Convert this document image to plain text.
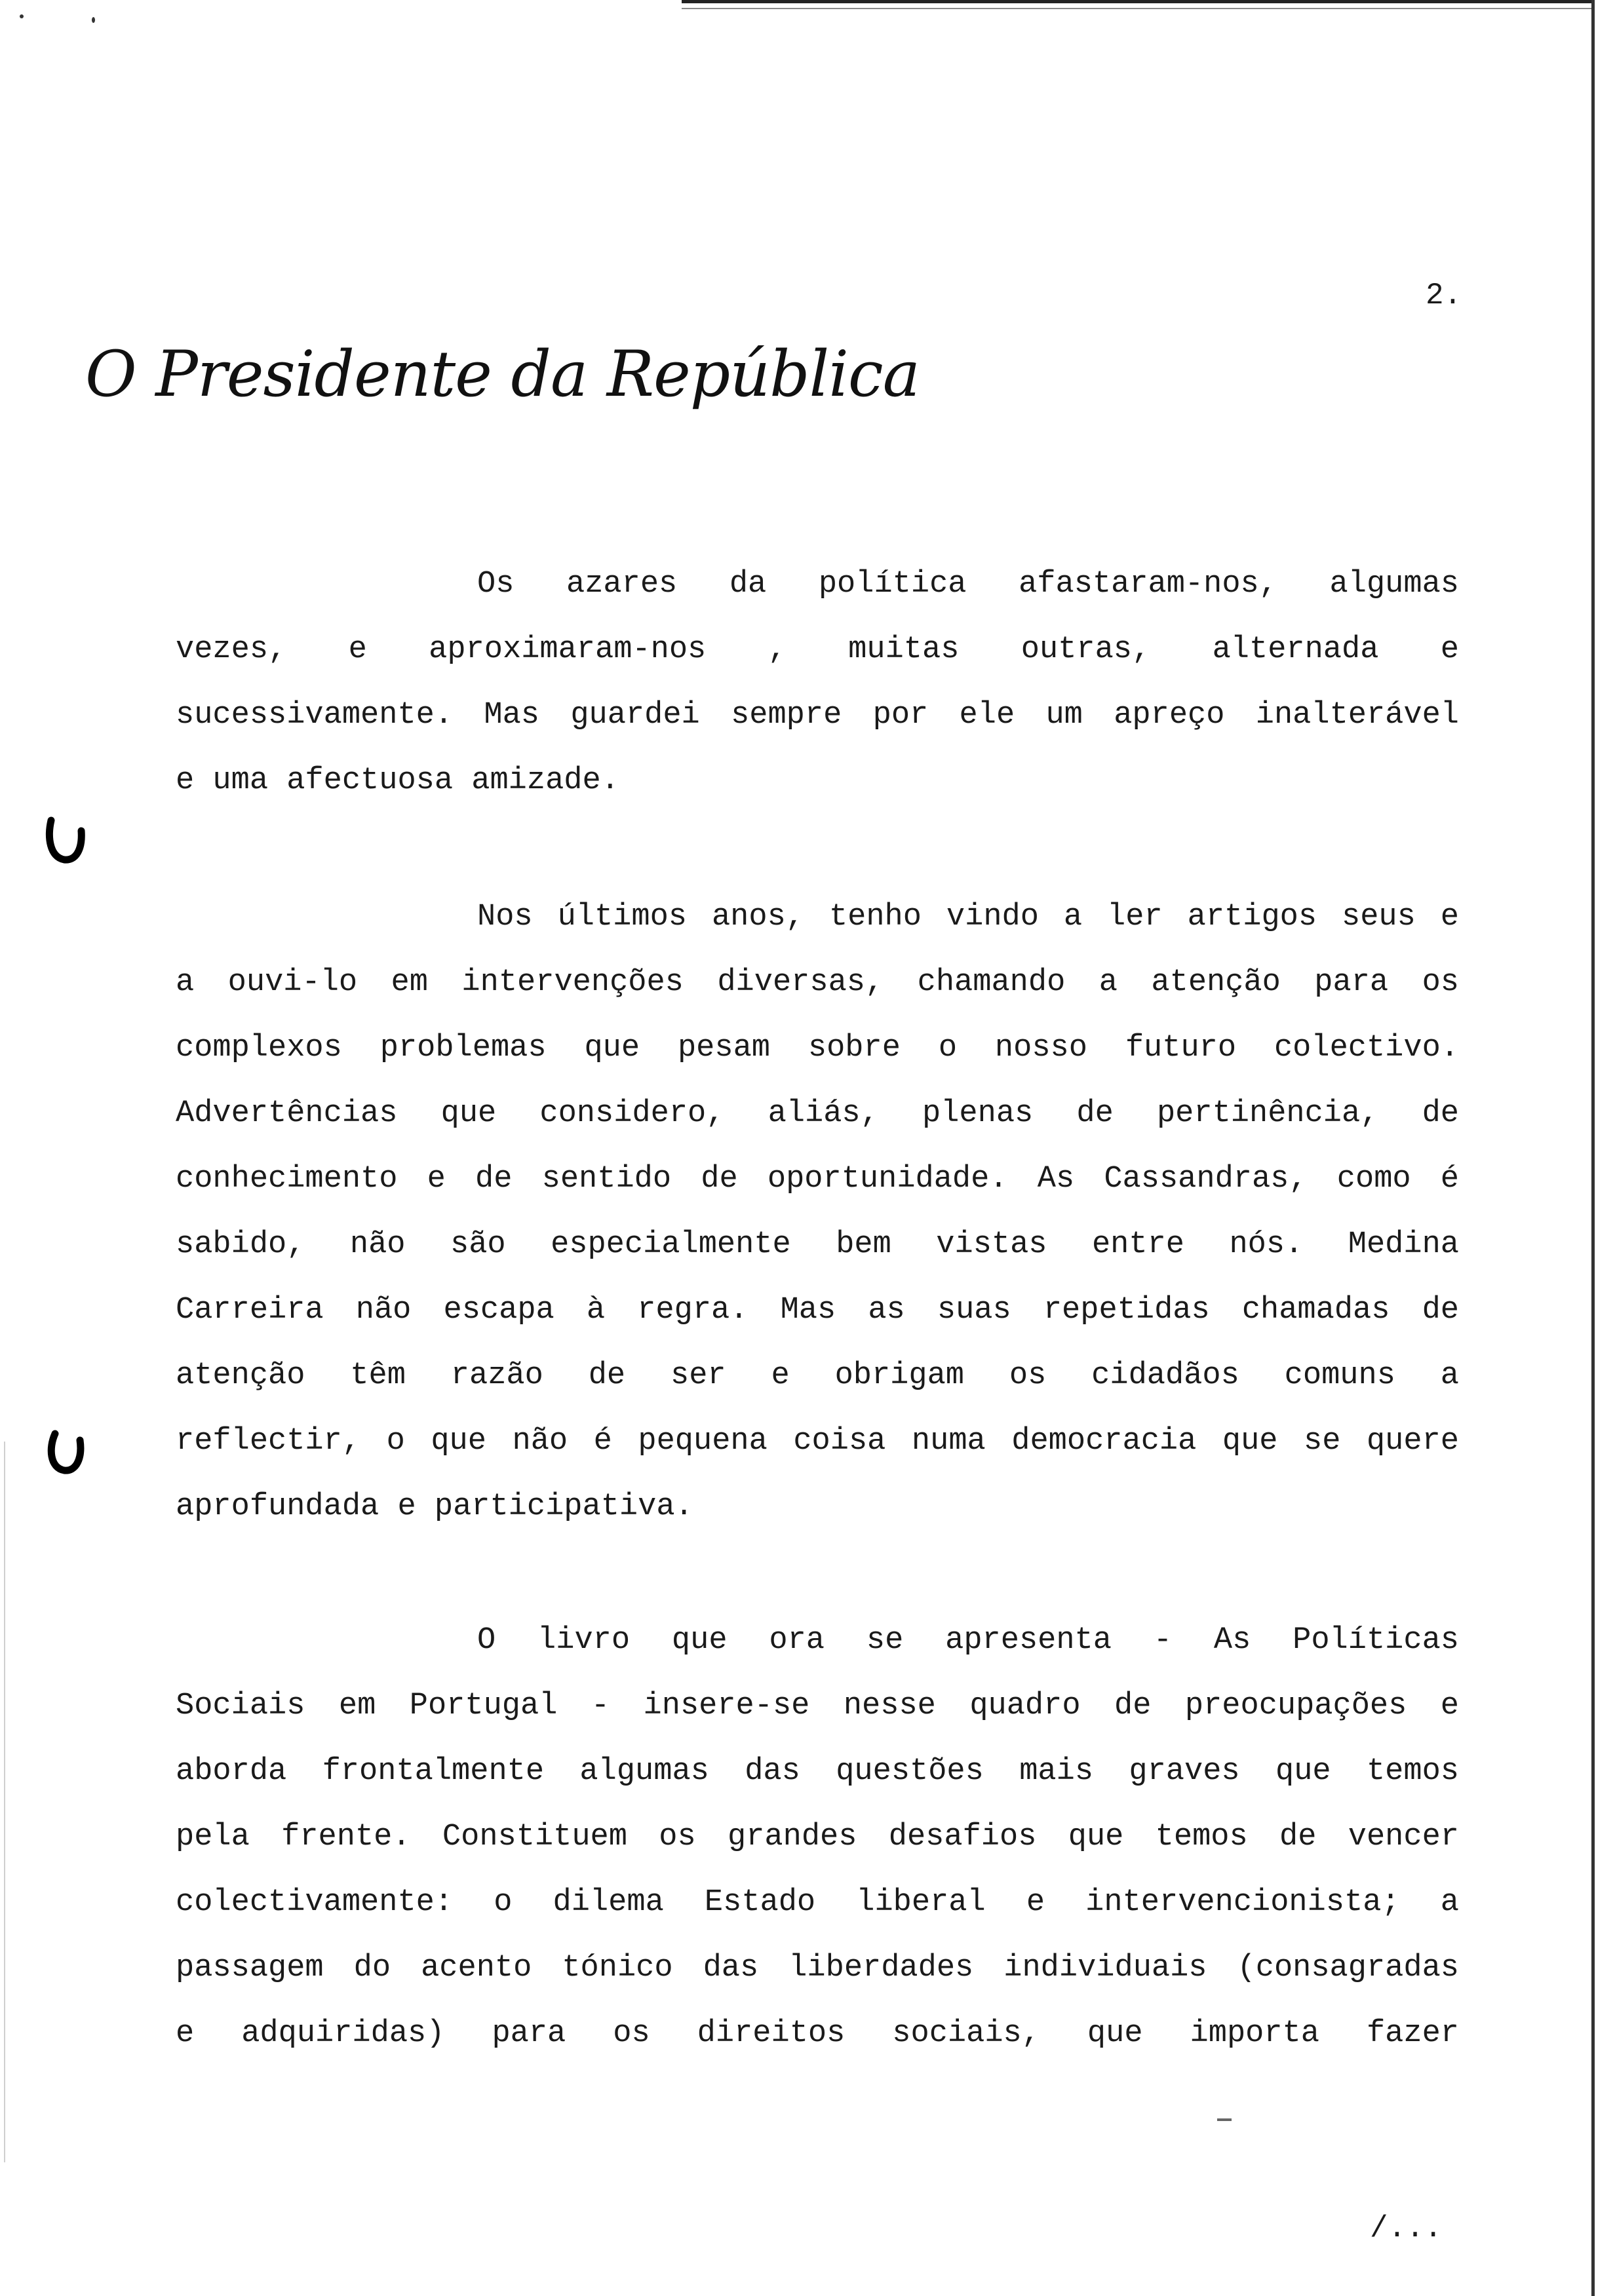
2.
O Presidente da República
Os azares da política afastaram-nos, algumas
vezes, e aproximaram-nos , muitas outras, alternada e
sucessivamente. Mas guardei sempre por ele um apreço inalterável
e uma afectuosa amizade.
Nos últimos anos, tenho vindo a ler artigos seus e
a ouvi-lo em intervenções diversas, chamando a atenção para os
complexos problemas que pesam sobre o nosso futuro colectivo.
Advertências que considero, aliás, plenas de pertinência, de
conhecimento e de sentido de oportunidade. As Cassandras, como é
sabido, não são especialmente bem vistas entre nós. Medina
Carreira não escapa à regra. Mas as suas repetidas chamadas de
atenção têm razão de ser e obrigam os cidadãos comuns a
reflectir, o que não é pequena coisa numa democracia que se quere
aprofundada e participativa.
O livro que ora se apresenta - As Políticas
Sociais em Portugal - insere-se nesse quadro de preocupações e
aborda frontalmente algumas das questões mais graves que temos
pela frente. Constituem os grandes desafios que temos de vencer
colectivamente: o dilema Estado liberal e intervencionista; a
passagem do acento tónico das liberdades individuais (consagradas
e adquiridas) para os direitos sociais, que importa fazer
/...
